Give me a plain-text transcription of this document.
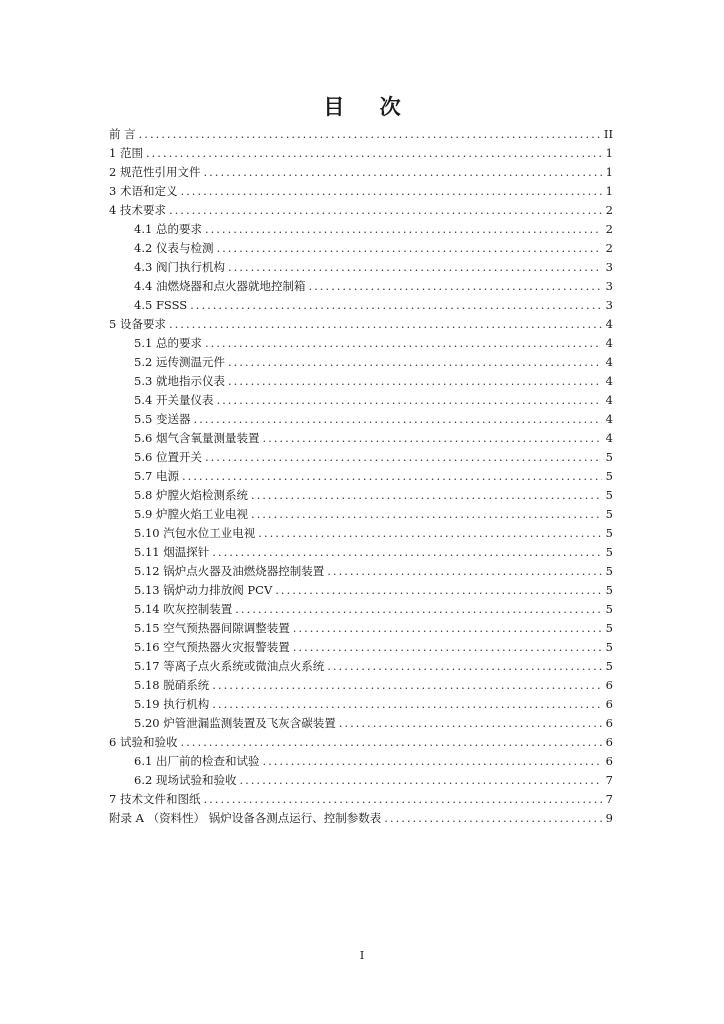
目 次
前 言 .....	II
1 范围 .....	1
2 规范性引用文件 .....	1
3 术语和定义 .....	1
4 技术要求 .....	2
4.1 总的要求 .....	2
4.2 仪表与检测 .....	2
4.3 阀门执行机构 .....	3
4.4 油燃烧器和点火器就地控制箱 .....	3
4.5 FSSS .....	3
5 设备要求 .....	4
5.1 总的要求 .....	4
5.2 远传测温元件 .....	4
5.3 就地指示仪表 .....	4
5.4 开关量仪表 .....	4
5.5 变送器 .....	4
5.6 烟气含氧量测量装置 .....	4
5.6 位置开关 .....	5
5.7 电源 .....	5
5.8 炉膛火焰检测系统 .....	5
5.9 炉膛火焰工业电视 .....	5
5.10 汽包水位工业电视 .....	5
5.11 烟温探针 .....	5
5.12 锅炉点火器及油燃烧器控制装置 .....	5
5.13 锅炉动力排放阀 PCV .....	5
5.14 吹灰控制装置 .....	5
5.15 空气预热器间隙调整装置 .....	5
5.16 空气预热器火灾报警装置 .....	5
5.17 等离子点火系统或微油点火系统 .....	5
5.18 脱硝系统 .....	6
5.19 执行机构 .....	6
5.20 炉管泄漏监测装置及飞灰含碳装置 .....	6
6 试验和验收 .....	6
6.1 出厂前的检查和试验 .....	6
6.2 现场试验和验收 .....	7
7 技术文件和图纸 .....	7
附录 A （资料性） 锅炉设备各测点运行、控制参数表 .....	9
I
